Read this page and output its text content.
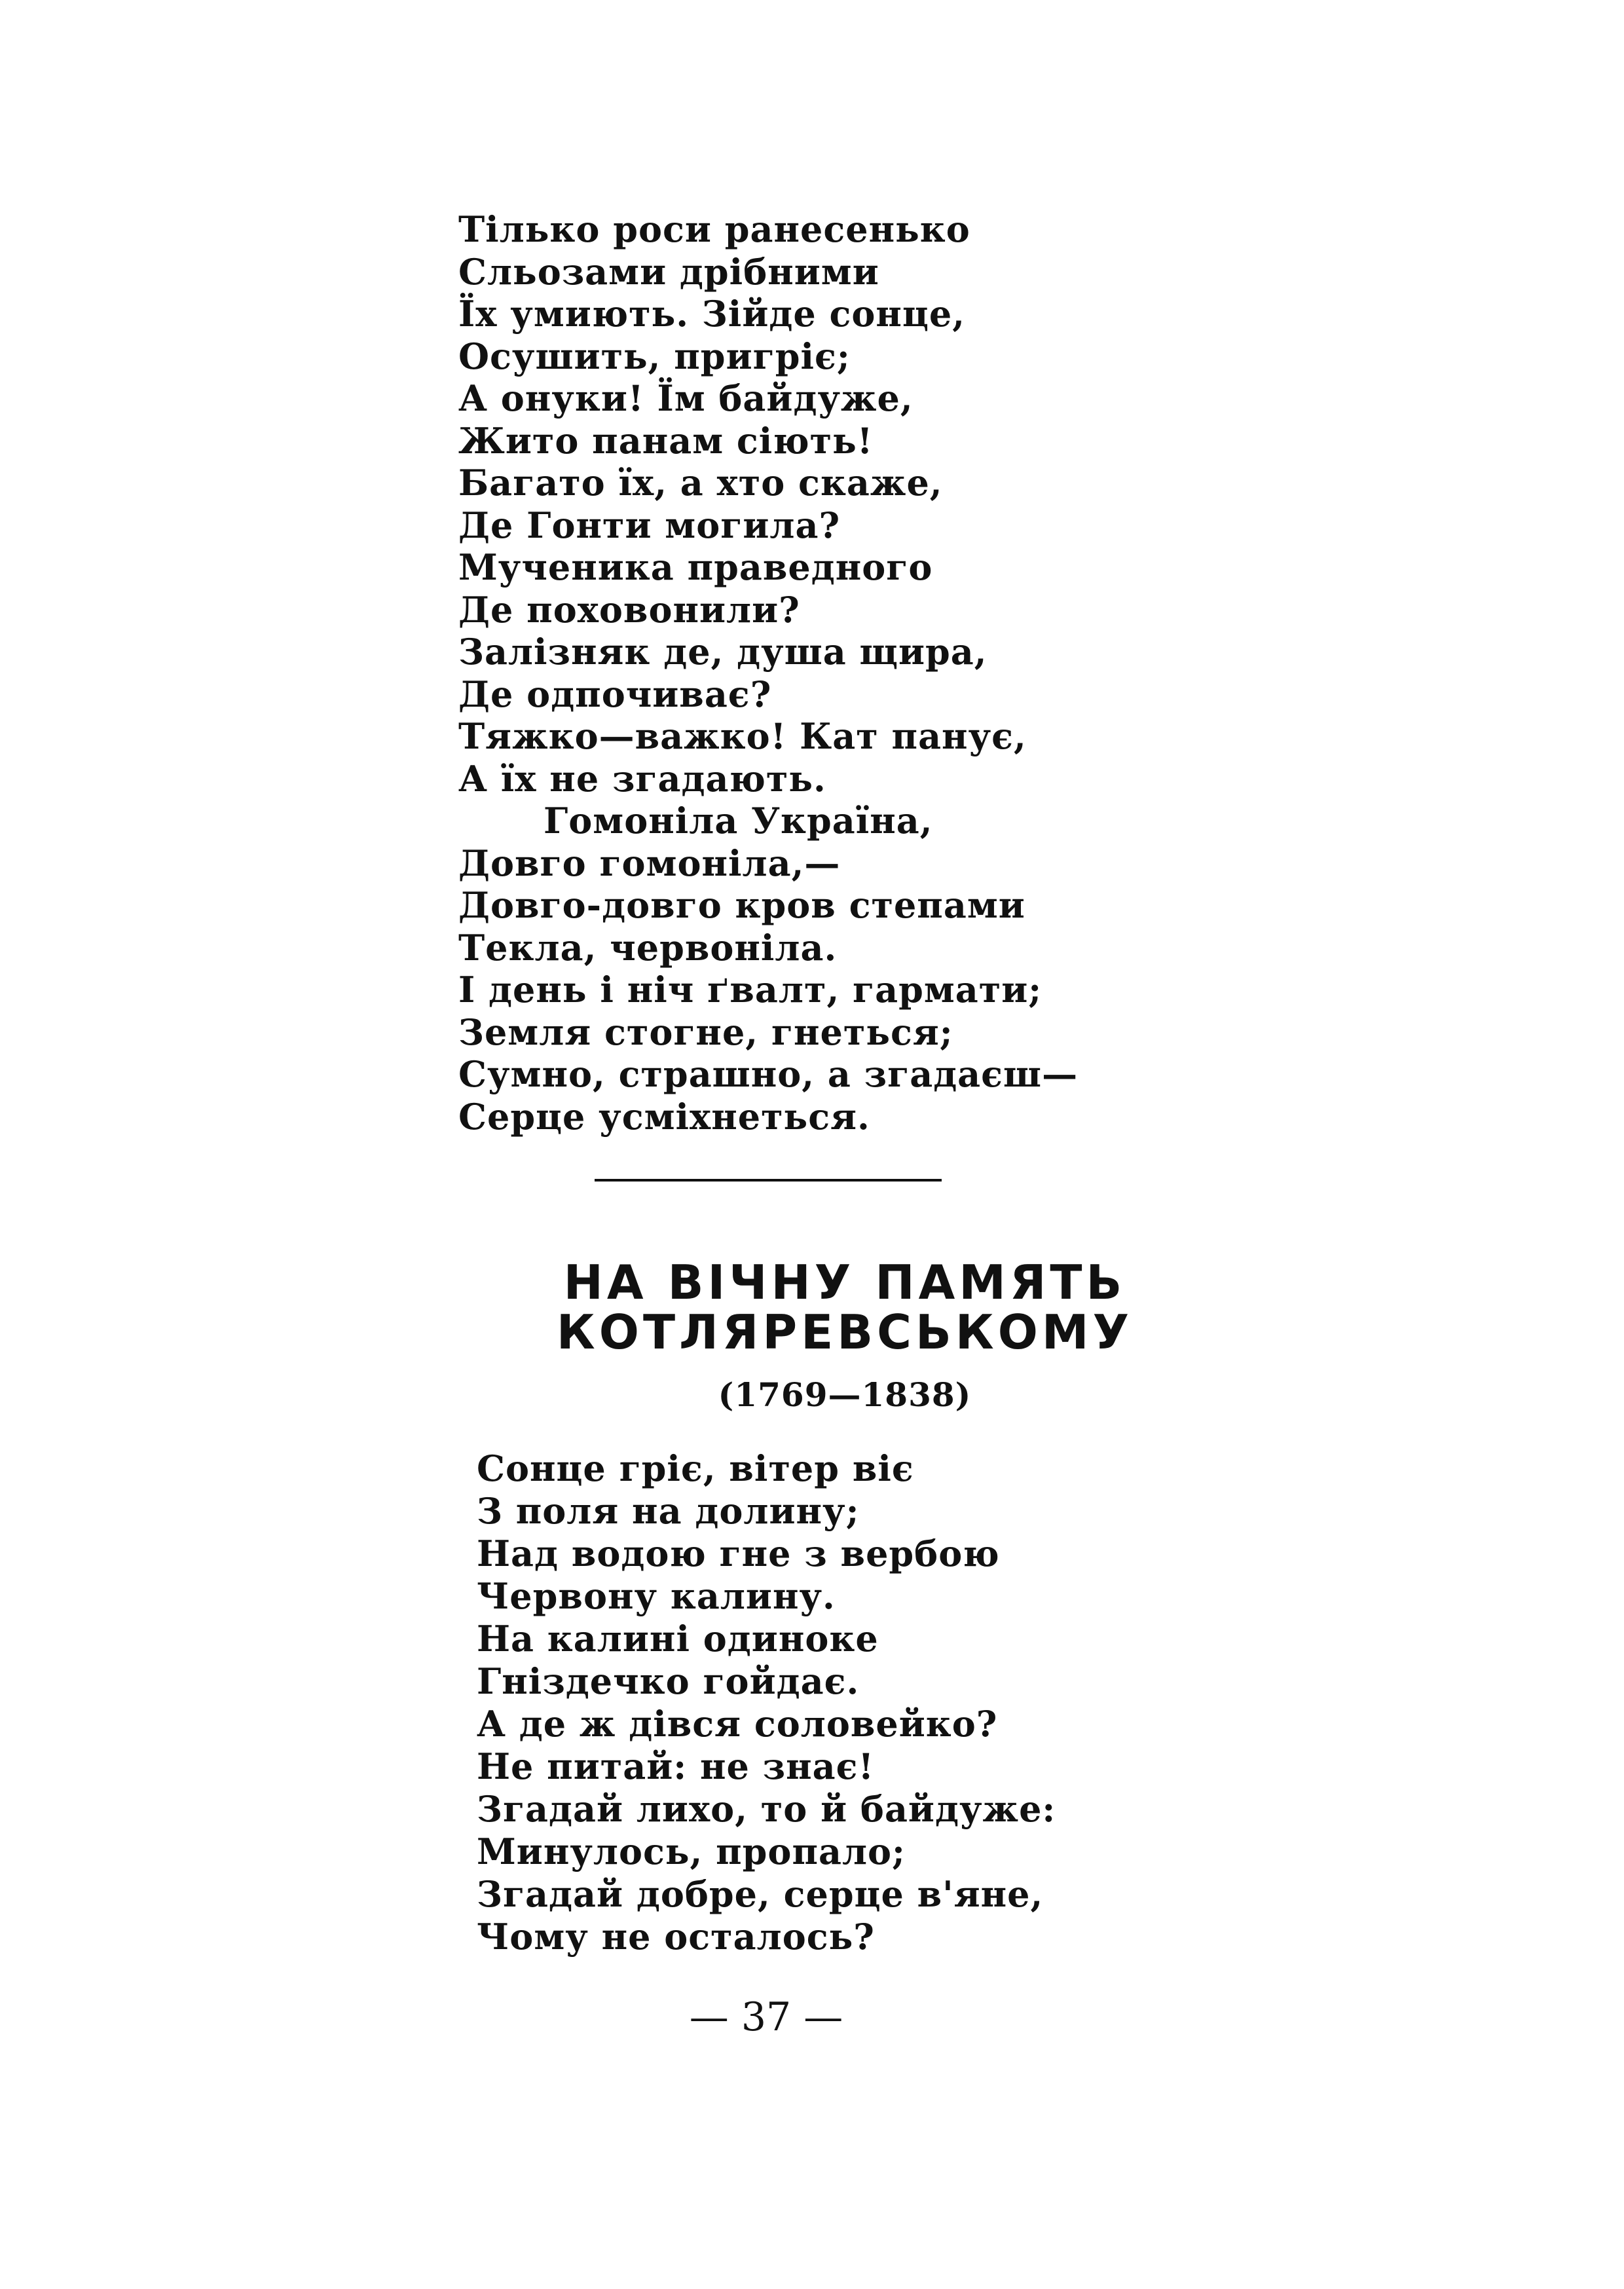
Тілько роси ранесенько
Сльозами дрібними
Їх умиють. Зійде сонце,
Осушить, пригріє;
А онуки! Їм байдуже,
Жито панам сіють!
Багато їх, а хто скаже,
Де Гонти могила?
Мученика праведного
Де поховонили?
Залізняк де, душа щира,
Де одпочиває?
Тяжко—важко! Кат панує,
А їх не згадають.
Гомоніла Україна,
Довго гомоніла,—
Довго-довго кров степами
Текла, червоніла.
І день і ніч ґвалт, гармати;
Земля стогне, гнеться;
Сумно, страшно, а згадаєш—
Серце усміхнеться.
НА ВІЧНУ ПАМЯТЬ
КОТЛЯРЕВСЬКОМУ
(1769—1838)
Сонце гріє, вітер віє
З поля на долину;
Над водою гне з вербою
Червону калину.
На калині одиноке
Гніздечко гойдає.
А де ж дівся соловейко?
Не питай: не знає!
Згадай лихо, то й байдуже:
Минулось, пропало;
Згадай добре, серце в'яне,
Чому не осталось?
— 37 —
